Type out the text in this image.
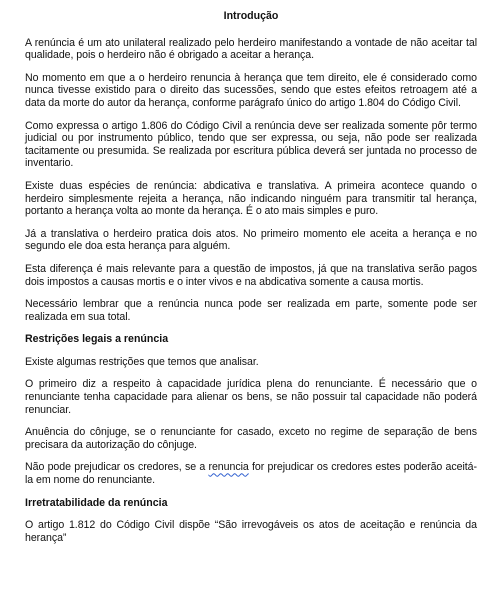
Introdução

A renúncia é um ato unilateral realizado pelo herdeiro manifestando a vontade de não aceitar tal qualidade, pois o herdeiro não é obrigado a aceitar a herança.

No momento em que a o herdeiro renuncia à herança que tem direito, ele é considerado como nunca tivesse existido para o direito das sucessões, sendo que estes efeitos retroagem até a data da morte do autor da herança, conforme parágrafo único do artigo 1.804 do Código Civil.

Como expressa o artigo 1.806 do Código Civil a renúncia deve ser realizada somente pôr termo judicial ou por instrumento público, tendo que ser expressa, ou seja, não pode ser realizada tacitamente ou presumida. Se realizada por escritura pública deverá ser juntada no processo de inventario.

Existe duas espécies de renúncia: abdicativa e translativa. A primeira acontece quando o herdeiro simplesmente rejeita a herança, não indicando ninguém para transmitir tal herança, portanto a herança volta ao monte da herança. É o ato mais simples e puro.

Já a translativa o herdeiro pratica dois atos. No primeiro momento ele aceita a herança e no segundo ele doa esta herança para alguém.

Esta diferença é mais relevante para a questão de impostos, já que na translativa serão pagos dois impostos a causas mortis e o inter vivos e na abdicativa somente a causa mortis.

Necessário lembrar que a renúncia nunca pode ser realizada em parte, somente pode ser realizada em sua total.

Restrições legais a renúncia

Existe algumas restrições que temos que analisar.

O primeiro diz a respeito à capacidade jurídica plena do renunciante. É necessário que o renunciante tenha capacidade para alienar os bens, se não possuir tal capacidade não poderá renunciar.

Anuência do cônjuge, se o renunciante for casado, exceto no regime de separação de bens precisara da autorização do cônjuge.

Não pode prejudicar os credores, se a renuncia for prejudicar os credores estes poderão aceitá-la em nome do renunciante.

Irretratabilidade da renúncia

O artigo 1.812 do Código Civil dispõe “São irrevogáveis os atos de aceitação e renúncia da herança”
